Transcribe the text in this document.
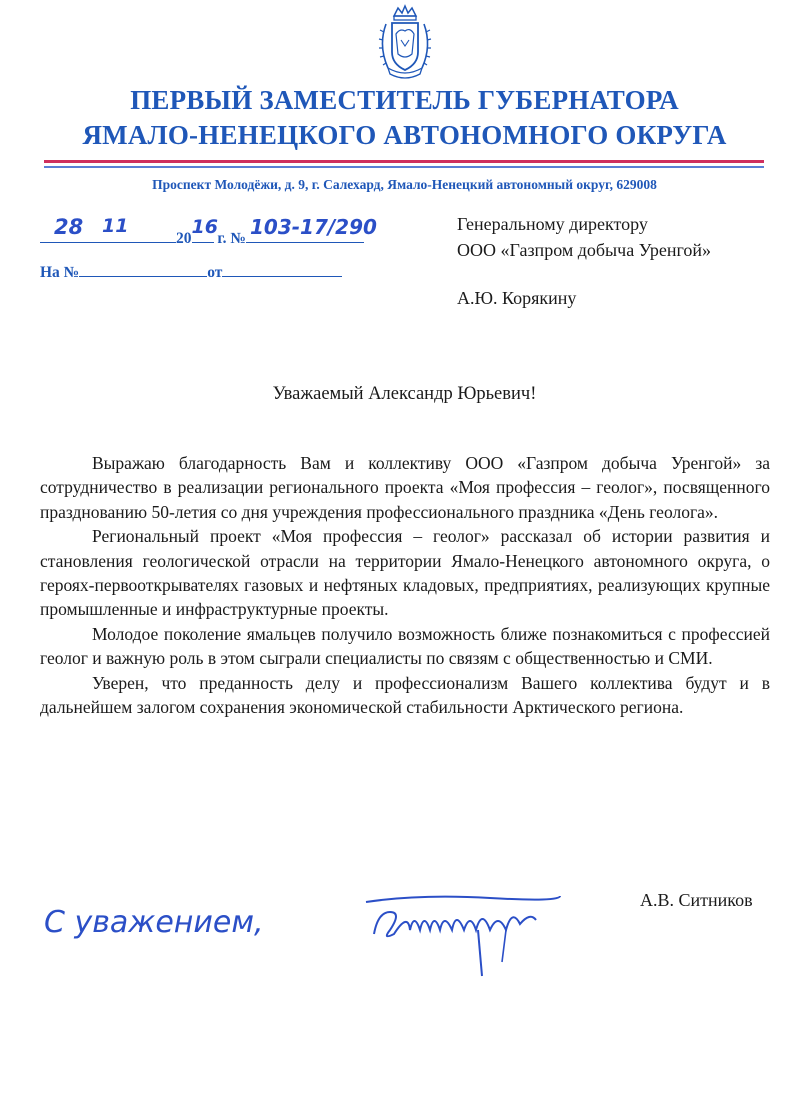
ПЕРВЫЙ ЗАМЕСТИТЕЛЬ ГУБЕРНАТОРА
ЯМАЛО-НЕНЕЦКОГО АВТОНОМНОГО ОКРУГА
Проспект Молодёжи, д. 9, г. Салехард, Ямало-Ненецкий автономный округ, 629008
28 11
20
16
г. № 103-17/290
На №	от
Генеральному директору
ООО «Газпром добыча Уренгой»
А.Ю. Корякину
Уважаемый Александр Юрьевич!

Выражаю благодарность Вам и коллективу ООО «Газпром добыча Уренгой» за сотрудничество в реализации регионального проекта «Моя профессия – геолог», посвященного празднованию 50-летия со дня учреждения профессионального праздника «День геолога».

Региональный проект «Моя профессия – геолог» рассказал об истории развития и становления геологической отрасли на территории Ямало-Ненецкого автономного округа, о героях-первооткрывателях газовых и нефтяных кладовых, предприятиях, реализующих крупные промышленные и инфраструктурные проекты.

Молодое поколение ямальцев получило возможность ближе познакомиться с профессией геолог и важную роль в этом сыграли специалисты по связям с общественностью и СМИ.

Уверен, что преданность делу и профессионализм Вашего коллектива будут и в дальнейшем залогом сохранения экономической стабильности Арктического региона.

С уважением,
А.В. Ситников
